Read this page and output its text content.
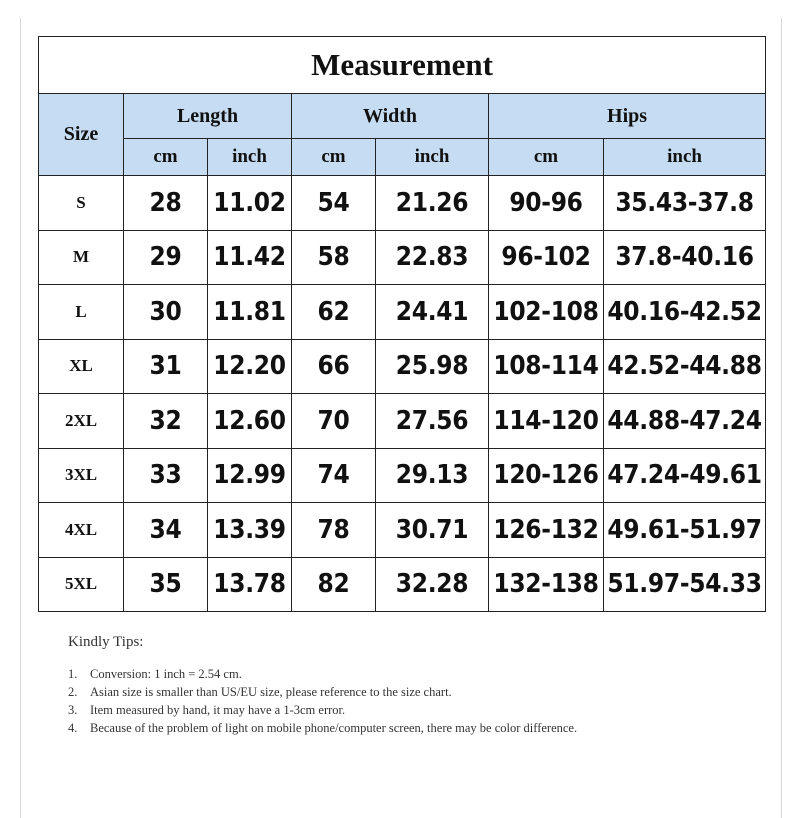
Measurement						
Size	Length		Width		Hips	
	cm	inch	cm	inch	cm	inch
S	28	11.02	54	21.26	90-96	35.43-37.8
M	29	11.42	58	22.83	96-102	37.8-40.16
L	30	11.81	62	24.41	102-108	40.16-42.52
XL	31	12.20	66	25.98	108-114	42.52-44.88
2XL	32	12.60	70	27.56	114-120	44.88-47.24
3XL	33	12.99	74	29.13	120-126	47.24-49.61
4XL	34	13.39	78	30.71	126-132	49.61-51.97
5XL	35	13.78	82	32.28	132-138	51.97-54.33
Kindly Tips:
1.	Conversion: 1 inch = 2.54 cm.
2.	Asian size is smaller than US/EU size, please reference to the size chart.
3.	Item measured by hand, it may have a 1-3cm error.
4.	Because of the problem of light on mobile phone/computer screen, there may be color difference.
